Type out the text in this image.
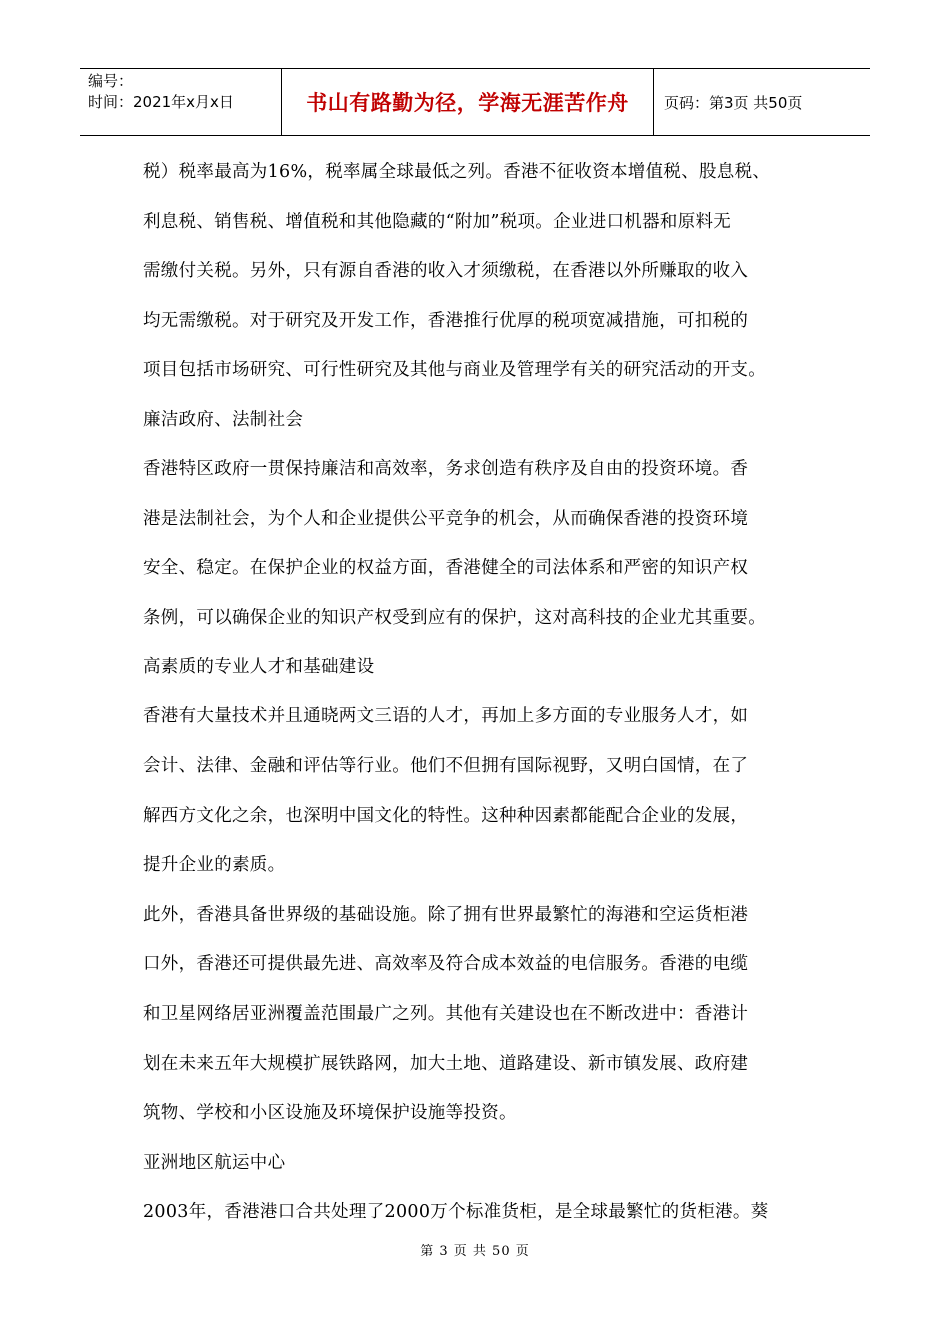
编号：
时间：2021年x月x日	书山有路勤为径，学海无涯苦作舟	页码：第3页 共50页
税）税率最高为16%，税率属全球最低之列。香港不征收资本增值税、股息税、
利息税、销售税、增值税和其他隐藏的“附加”税项。企业进口机器和原料无
需缴付关税。另外，只有源自香港的收入才须缴税，在香港以外所赚取的收入
均无需缴税。对于研究及开发工作，香港推行优厚的税项宽减措施，可扣税的
项目包括市场研究、可行性研究及其他与商业及管理学有关的研究活动的开支。
廉洁政府、法制社会
香港特区政府一贯保持廉洁和高效率，务求创造有秩序及自由的投资环境。香
港是法制社会，为个人和企业提供公平竞争的机会，从而确保香港的投资环境
安全、稳定。在保护企业的权益方面，香港健全的司法体系和严密的知识产权
条例，可以确保企业的知识产权受到应有的保护，这对高科技的企业尤其重要。
高素质的专业人才和基础建设
香港有大量技术并且通晓两文三语的人才，再加上多方面的专业服务人才，如
会计、法律、金融和评估等行业。他们不但拥有国际视野，又明白国情，在了
解西方文化之余，也深明中国文化的特性。这种种因素都能配合企业的发展，
提升企业的素质。
此外，香港具备世界级的基础设施。除了拥有世界最繁忙的海港和空运货柜港
口外，香港还可提供最先进、高效率及符合成本效益的电信服务。香港的电缆
和卫星网络居亚洲覆盖范围最广之列。其他有关建设也在不断改进中：香港计
划在未来五年大规模扩展铁路网，加大土地、道路建设、新市镇发展、政府建
筑物、学校和小区设施及环境保护设施等投资。
亚洲地区航运中心
2003年，香港港口合共处理了2000万个标准货柜，是全球最繁忙的货柜港。葵
第 3 页 共 50 页
